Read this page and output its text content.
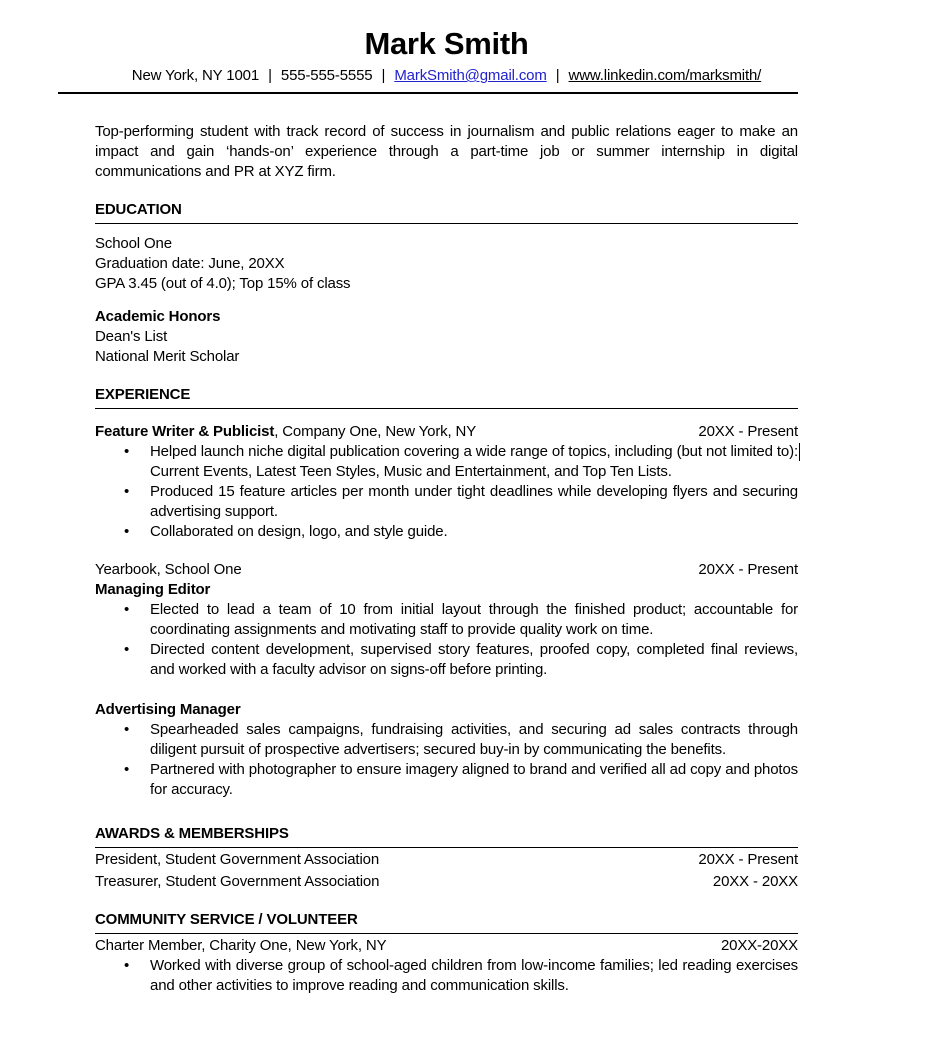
Mark Smith
New York, NY 1001 | 555-555-5555 | MarkSmith@gmail.com | www.linkedin.com/marksmith/
Top-performing student with track record of success in journalism and public relations eager to make an impact and gain ‘hands-on’ experience through a part-time job or summer internship in digital communications and PR at XYZ firm.
EDUCATION
School One
Graduation date: June, 20XX
GPA 3.45 (out of 4.0); Top 15% of class
Academic Honors
Dean's List
National Merit Scholar
EXPERIENCE
Feature Writer & Publicist, Company One, New York, NY	20XX - Present
• Helped launch niche digital publication covering a wide range of topics, including (but not limited to): Current Events, Latest Teen Styles, Music and Entertainment, and Top Ten Lists.
• Produced 15 feature articles per month under tight deadlines while developing flyers and securing advertising support.
• Collaborated on design, logo, and style guide.
Yearbook, School One	20XX - Present
Managing Editor
• Elected to lead a team of 10 from initial layout through the finished product; accountable for coordinating assignments and motivating staff to provide quality work on time.
• Directed content development, supervised story features, proofed copy, completed final reviews, and worked with a faculty advisor on signs-off before printing.
Advertising Manager
• Spearheaded sales campaigns, fundraising activities, and securing ad sales contracts through diligent pursuit of prospective advertisers; secured buy-in by communicating the benefits.
• Partnered with photographer to ensure imagery aligned to brand and verified all ad copy and photos for accuracy.
AWARDS & MEMBERSHIPS
President, Student Government Association	20XX - Present
Treasurer, Student Government Association	20XX - 20XX
COMMUNITY SERVICE / VOLUNTEER
Charter Member, Charity One, New York, NY	20XX-20XX
• Worked with diverse group of school-aged children from low-income families; led reading exercises and other activities to improve reading and communication skills.
